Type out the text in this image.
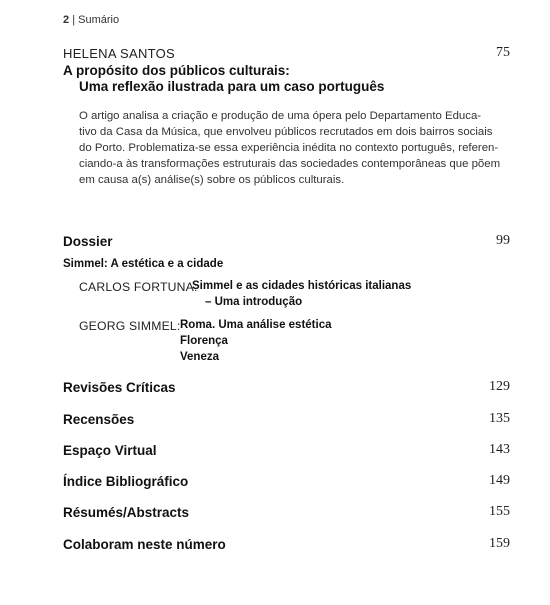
2 | Sumário
HELENA SANTOS	75
A propósito dos públicos culturais:
Uma reflexão ilustrada para um caso português
O artigo analisa a criação e produção de uma ópera pelo Departamento Educa-
tivo da Casa da Música, que envolveu públicos recrutados em dois bairros sociais
do Porto. Problematiza-se essa experiência inédita no contexto português, referen-
ciando-a às transformações estruturais das sociedades contemporâneas que põem
em causa a(s) análise(s) sobre os públicos culturais.
Dossier	99
Simmel: A estética e a cidade
CARLOS FORTUNA:
Simmel e as cidades históricas italianas
– Uma introdução
GEORG SIMMEL: Roma. Uma análise estética
Florença
Veneza
Revisões Críticas	129
Recensões	135
Espaço Virtual	143
Índice Bibliográfico	149
Résumés/Abstracts	155
Colaboram neste número	159
